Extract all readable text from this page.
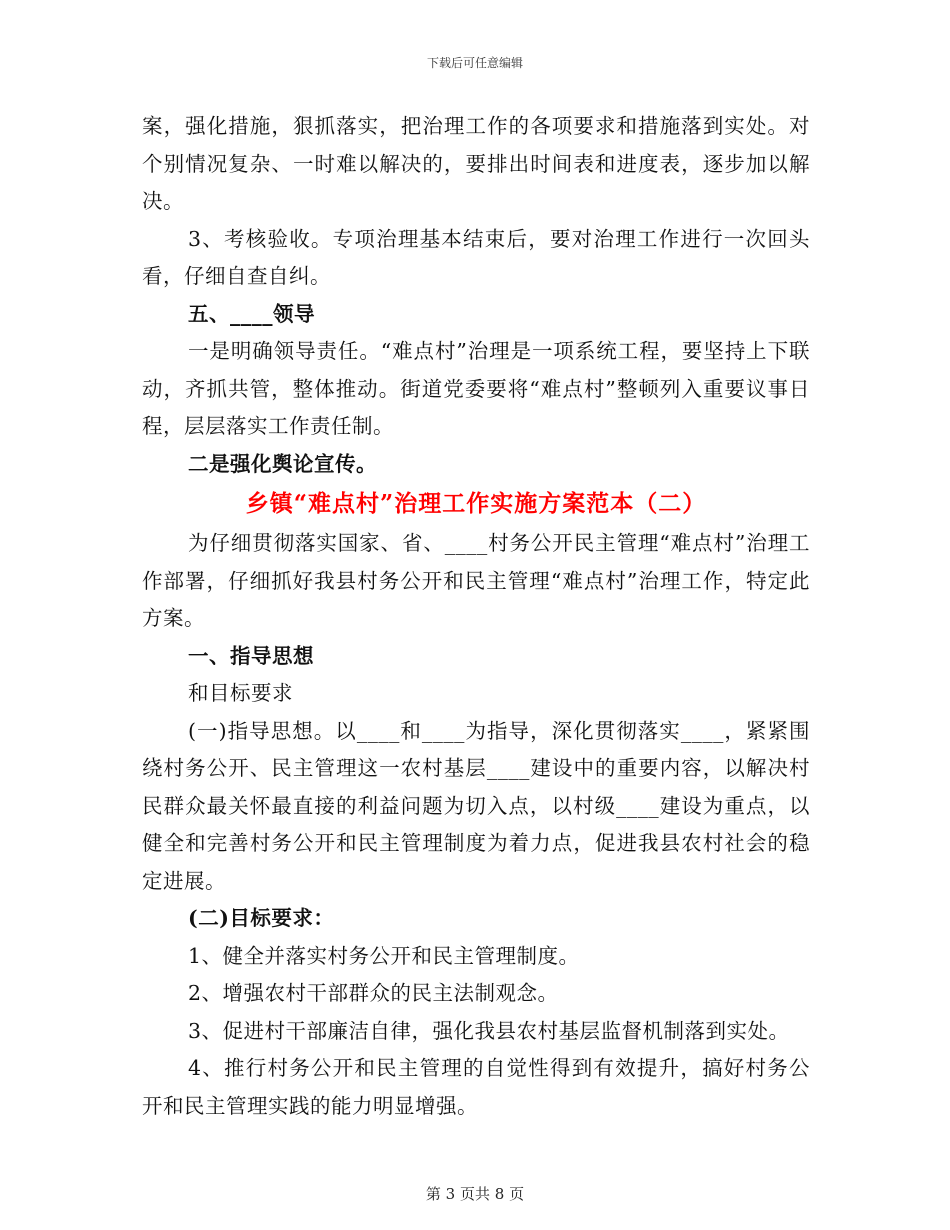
下载后可任意编辑

案，强化措施，狠抓落实，把治理工作的各项要求和措施落到实处。对个别情况复杂、一时难以解决的，要排出时间表和进度表，逐步加以解决。

3、考核验收。专项治理基本结束后，要对治理工作进行一次回头看，仔细自查自纠。

五、____领导

一是明确领导责任。“难点村”治理是一项系统工程，要坚持上下联动，齐抓共管，整体推动。街道党委要将“难点村”整顿列入重要议事日程，层层落实工作责任制。

二是强化舆论宣传。

乡镇“难点村”治理工作实施方案范本（二）

为仔细贯彻落实国家、省、____村务公开民主管理“难点村”治理工作部署，仔细抓好我县村务公开和民主管理“难点村”治理工作，特定此方案。

一、指导思想

和目标要求

(一)指导思想。以____和____为指导，深化贯彻落实____，紧紧围绕村务公开、民主管理这一农村基层____建设中的重要内容，以解决村民群众最关怀最直接的利益问题为切入点，以村级____建设为重点，以健全和完善村务公开和民主管理制度为着力点，促进我县农村社会的稳定进展。

(二)目标要求：

1、健全并落实村务公开和民主管理制度。

2、增强农村干部群众的民主法制观念。

3、促进村干部廉洁自律，强化我县农村基层监督机制落到实处。

4、推行村务公开和民主管理的自觉性得到有效提升，搞好村务公开和民主管理实践的能力明显增强。

第 3 页共 8 页
